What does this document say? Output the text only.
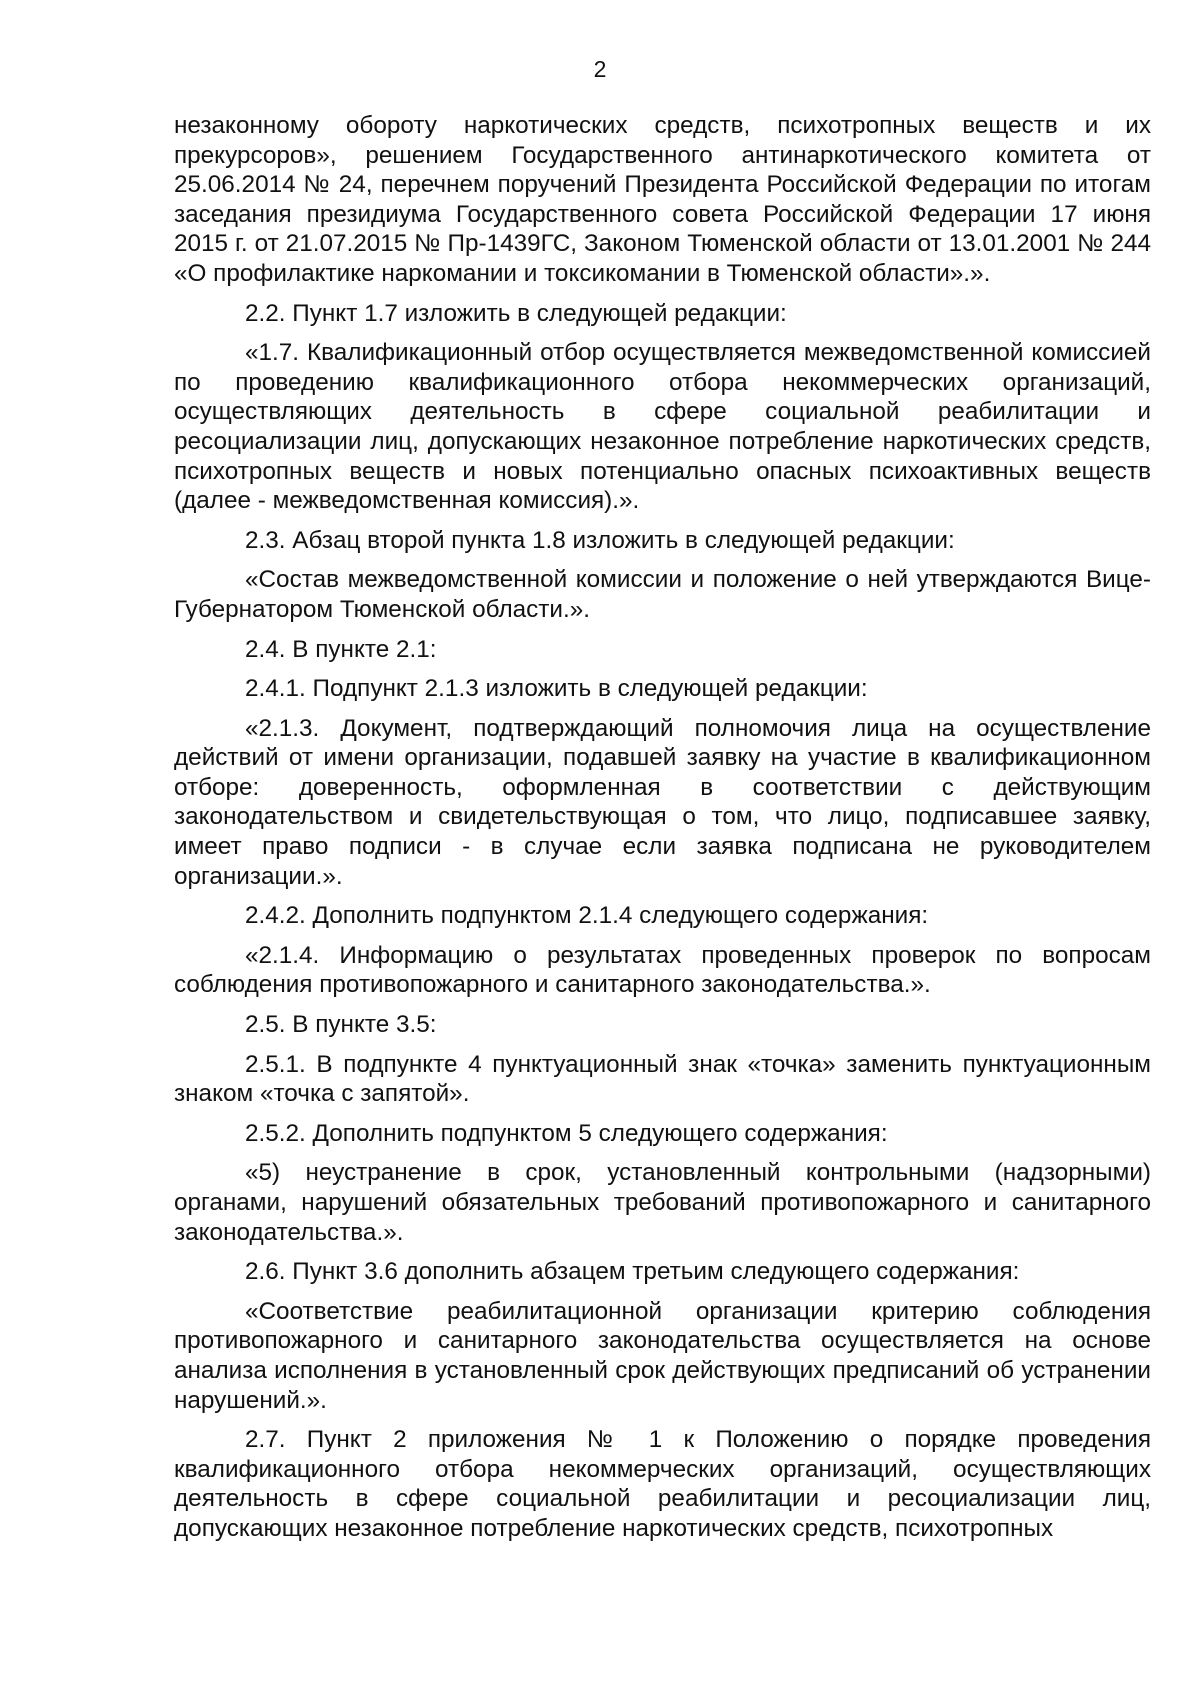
2

незаконному обороту наркотических средств, психотропных веществ и их прекурсоров», решением Государственного антинаркотического комитета от 25.06.2014 № 24, перечнем поручений Президента Российской Федерации по итогам заседания президиума Государственного совета Российской Федерации 17 июня 2015 г. от 21.07.2015 № Пр-1439ГС, Законом Тюменской области от 13.01.2001 № 244 «О профилактике наркомании и токсикомании в Тюменской области».».

2.2. Пункт 1.7 изложить в следующей редакции:

«1.7. Квалификационный отбор осуществляется межведомственной комиссией по проведению квалификационного отбора некоммерческих организаций, осуществляющих деятельность в сфере социальной реабилитации и ресоциализации лиц, допускающих незаконное потребление наркотических средств, психотропных веществ и новых потенциально опасных психоактивных веществ (далее - межведомственная комиссия).».

2.3. Абзац второй пункта 1.8 изложить в следующей редакции:

«Состав межведомственной комиссии и положение о ней утверждаются Вице-Губернатором Тюменской области.».

2.4. В пункте 2.1:

2.4.1. Подпункт 2.1.3 изложить в следующей редакции:

«2.1.3. Документ, подтверждающий полномочия лица на осуществление действий от имени организации, подавшей заявку на участие в квалификационном отборе: доверенность, оформленная в соответствии с действующим законодательством и свидетельствующая о том, что лицо, подписавшее заявку, имеет право подписи - в случае если заявка подписана не руководителем организации.».

2.4.2. Дополнить подпунктом 2.1.4 следующего содержания:

«2.1.4. Информацию о результатах проведенных проверок по вопросам соблюдения противопожарного и санитарного законодательства.».

2.5. В пункте 3.5:

2.5.1. В подпункте 4 пунктуационный знак «точка» заменить пунктуационным знаком «точка с запятой».

2.5.2. Дополнить подпунктом 5 следующего содержания:

«5) неустранение в срок, установленный контрольными (надзорными) органами, нарушений обязательных требований противопожарного и санитарного законодательства.».

2.6. Пункт 3.6 дополнить абзацем третьим следующего содержания:

«Соответствие реабилитационной организации критерию соблюдения противопожарного и санитарного законодательства осуществляется на основе анализа исполнения в установленный срок действующих предписаний об устранении нарушений.».

2.7. Пункт 2 приложения № 1 к Положению о порядке проведения квалификационного отбора некоммерческих организаций, осуществляющих деятельность в сфере социальной реабилитации и ресоциализации лиц, допускающих незаконное потребление наркотических средств, психотропных
